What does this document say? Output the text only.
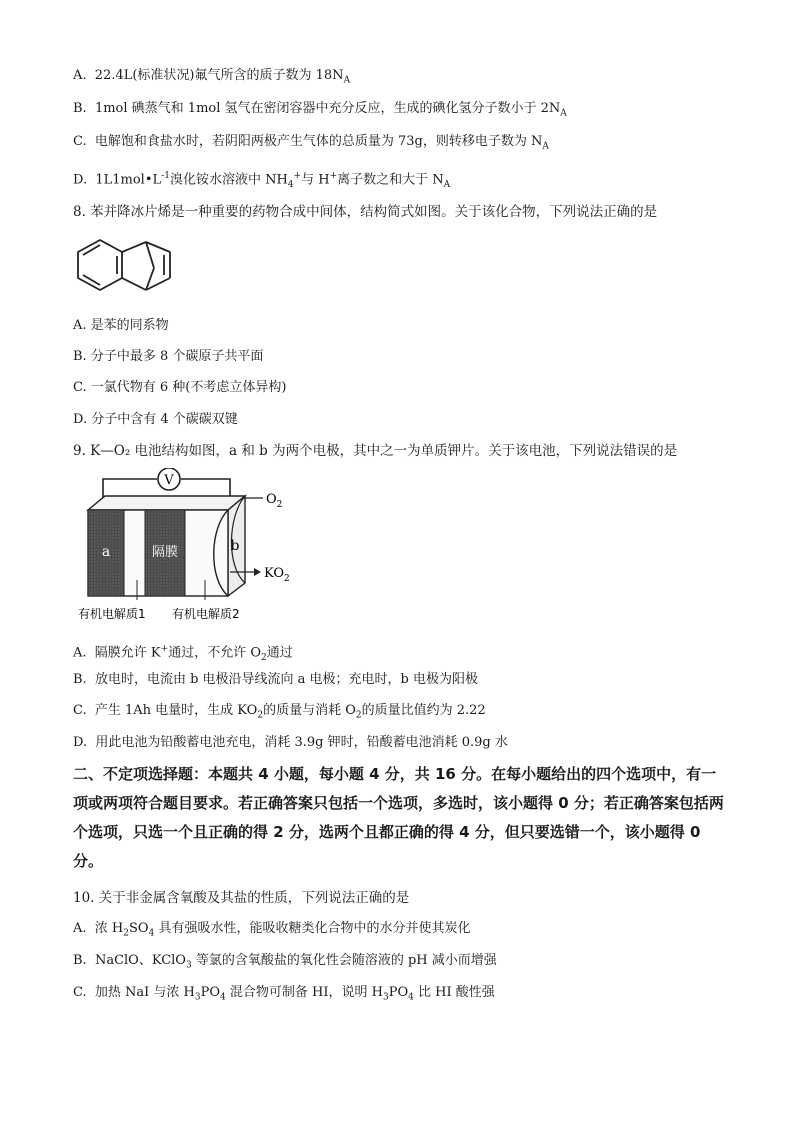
A.  22.4L(标准状况)氟气所含的质子数为 $18N_A$
B.  1mol 碘蒸气和 1mol 氢气在密闭容器中充分反应，生成的碘化氢分子数小于 $2N_A$
C.  电解饱和食盐水时，若阴阳两极产生气体的总质量为 73g，则转移电子数为 $N_A$
D.  $1L1mol•L^{-1}$溴化铵水溶液中 $NH_4^+$与 H+离子数之和大于 $N_A$
8. 苯并降冰片烯是一种重要的药物合成中间体，结构简式如图。关于该化合物，下列说法正确的是
A. 是苯的同系物
B. 分子中最多 8 个碳原子共平面
C. 一氯代物有 6 种(不考虑立体异构)
D. 分子中含有 4 个碳碳双键
9. K—O₂ 电池结构如图，a 和 b 为两个电极，其中之一为单质钾片。关于该电池，下列说法错误的是
V
a	隔膜	b
$O_2$
$KO_2$
有机电解质1 有机电解质2
A.  隔膜允许 K+通过，不允许 $O_2$通过
B.  放电时，电流由 b 电极沿导线流向 a 电极；充电时，b 电极为阳极
C.  产生 1Ah 电量时，生成 $KO_2$的质量与消耗 $O_2$的质量比值约为 2.22
D.  用此电池为铅酸蓄电池充电，消耗 3.9g 钾时，铅酸蓄电池消耗 0.9g 水
二、不定项选择题：本题共 4 小题，每小题 4 分，共 16 分。在每小题给出的四个选项中，有一项或两项符合题目要求。若正确答案只包括一个选项，多选时，该小题得 0 分；若正确答案包括两个选项，只选一个且正确的得 2 分，选两个且都正确的得 4 分，但只要选错一个，该小题得 0 分。
10. 关于非金属含氧酸及其盐的性质，下列说法正确的是
A.  浓 $H_2SO_4$ 具有强吸水性，能吸收糖类化合物中的水分并使其炭化
B.  NaClO、KClO$_3$ 等氯的含氧酸盐的氧化性会随溶液的 pH 减小而增强
C.  加热 NaI 与浓 $H_3PO_4$ 混合物可制备 HI，说明 $H_3PO_4$ 比 HI 酸性强
